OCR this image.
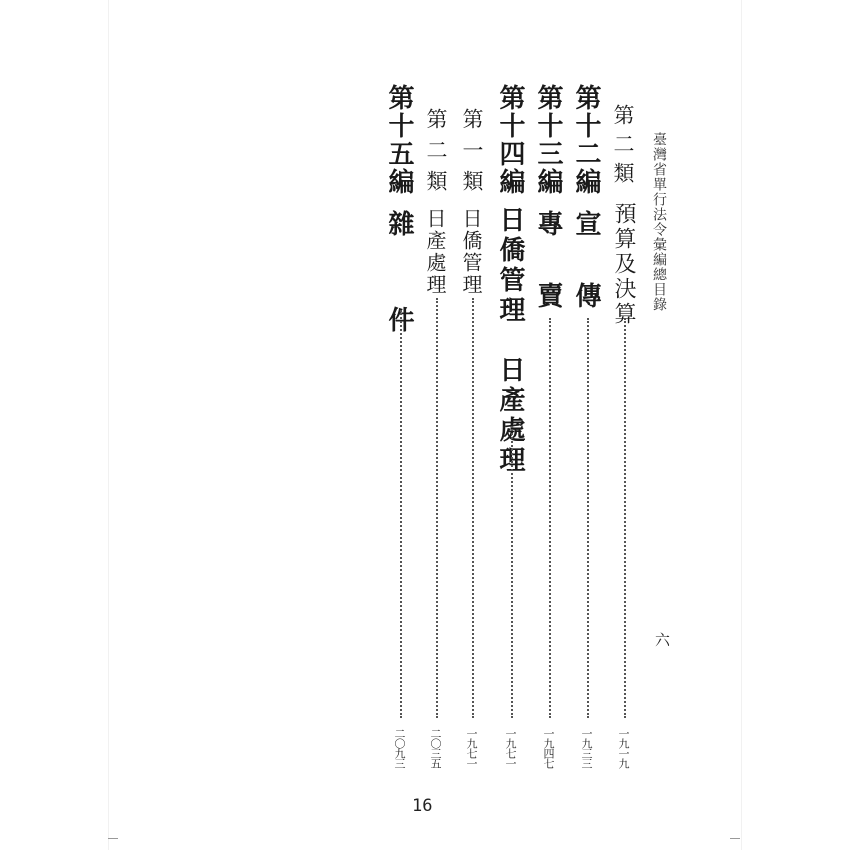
臺灣省單行法令彙編總目錄
六
第二類
預算及決算
一九一九
第十二編
宣　傳
一九三三
第十三編
專　賣
一九四七
第十四編
日僑管理　日產處理
一九七一
第一類
日僑管理
一九七一
第二類
日產處理
二〇三五
第十五編
雜　件
二〇九三
16
